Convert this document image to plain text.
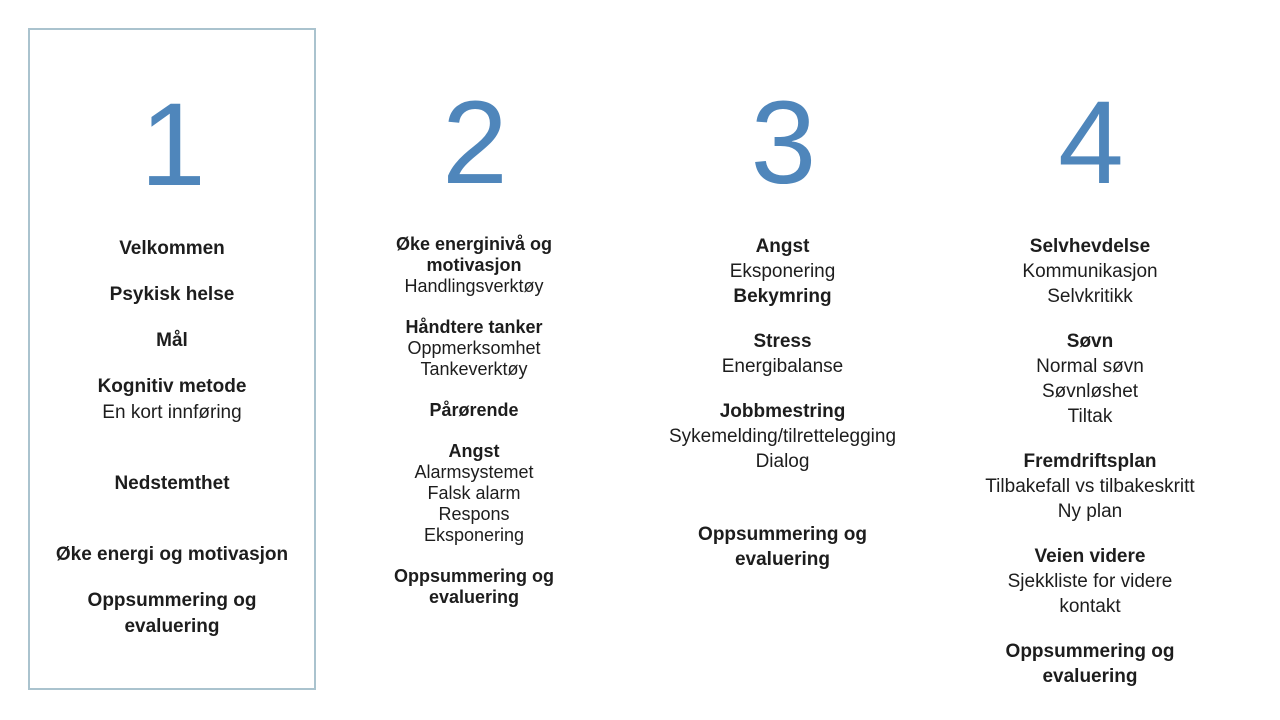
1
Velkommen
Psykisk helse
Mål
Kognitiv metode
En kort innføring
Nedstemthet
Øke energi og motivasjon
Oppsummering og
evaluering
2
Øke energinivå og
motivasjon
Handlingsverktøy
Håndtere tanker
Oppmerksomhet
Tankeverktøy
Pårørende
Angst
Alarmsystemet
Falsk alarm
Respons
Eksponering
Oppsummering og
evaluering
3
Angst
Eksponering
Bekymring
Stress
Energibalanse
Jobbmestring
Sykemelding/tilrettelegging
Dialog
Oppsummering og
evaluering
4
Selvhevdelse
Kommunikasjon
Selvkritikk
Søvn
Normal søvn
Søvnløshet
Tiltak
Fremdriftsplan
Tilbakefall vs tilbakeskritt
Ny plan
Veien videre
Sjekkliste for videre
kontakt
Oppsummering og
evaluering
